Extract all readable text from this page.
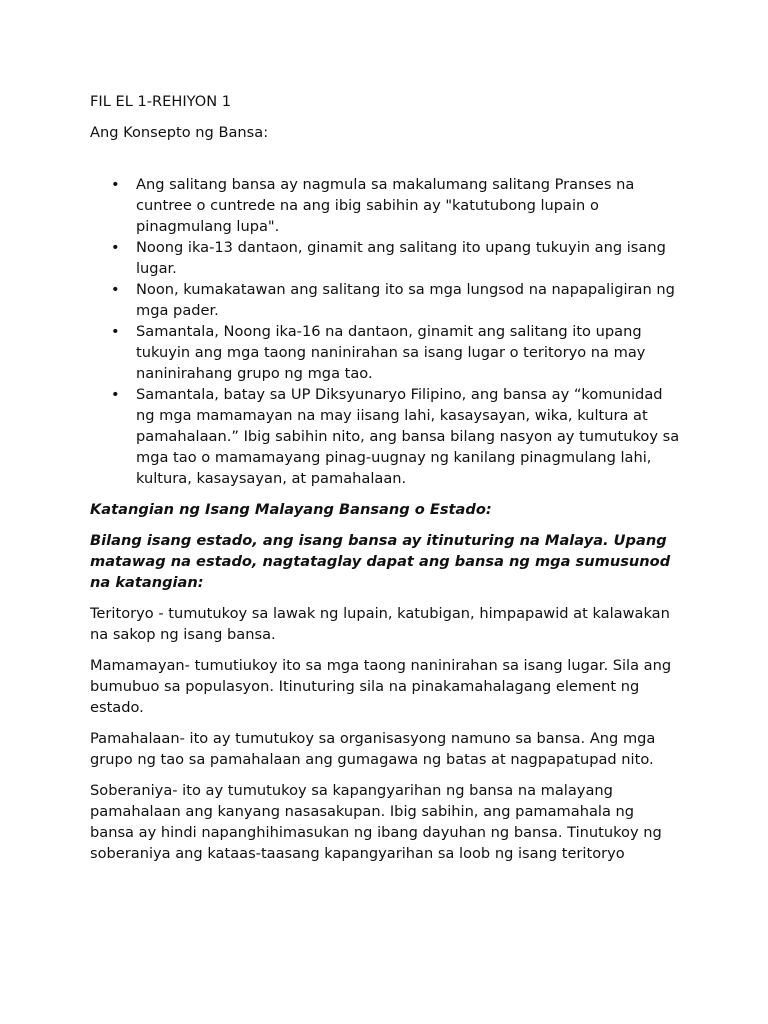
FIL EL 1-REHIYON 1

Ang Konsepto ng Bansa:

• Ang salitang bansa ay nagmula sa makalumang salitang Pranses na cuntree o cuntrede na ang ibig sabihin ay "katutubong lupain o pinagmulang lupa".
• Noong ika-13 dantaon, ginamit ang salitang ito upang tukuyin ang isang lugar.
• Noon, kumakatawan ang salitang ito sa mga lungsod na napapaligiran ng mga pader.
• Samantala, Noong ika-16 na dantaon, ginamit ang salitang ito upang tukuyin ang mga taong naninirahan sa isang lugar o teritoryo na may naninirahang grupo ng mga tao.
• Samantala, batay sa UP Diksyunaryo Filipino, ang bansa ay “komunidad ng mga mamamayan na may iisang lahi, kasaysayan, wika, kultura at pamahalaan.” Ibig sabihin nito, ang bansa bilang nasyon ay tumutukoy sa mga tao o mamamayang pinag-uugnay ng kanilang pinagmulang lahi, kultura, kasaysayan, at pamahalaan.

Katangian ng Isang Malayang Bansang o Estado:

Bilang isang estado, ang isang bansa ay itinuturing na Malaya. Upang matawag na estado, nagtataglay dapat ang bansa ng mga sumusunod na katangian:

Teritoryo - tumutukoy sa lawak ng lupain, katubigan, himpapawid at kalawakan na sakop ng isang bansa.

Mamamayan- tumutiukoy ito sa mga taong naninirahan sa isang lugar. Sila ang bumubuo sa populasyon. Itinuturing sila na pinakamahalagang element ng estado.

Pamahalaan- ito ay tumutukoy sa organisasyong namuno sa bansa. Ang mga grupo ng tao sa pamahalaan ang gumagawa ng batas at nagpapatupad nito.

Soberaniya- ito ay tumutukoy sa kapangyarihan ng bansa na malayang pamahalaan ang kanyang nasasakupan. Ibig sabihin, ang pamamahala ng bansa ay hindi napanghihimasukan ng ibang dayuhan ng bansa. Tinutukoy ng soberaniya ang kataas-taasang kapangyarihan sa loob ng isang teritoryo
